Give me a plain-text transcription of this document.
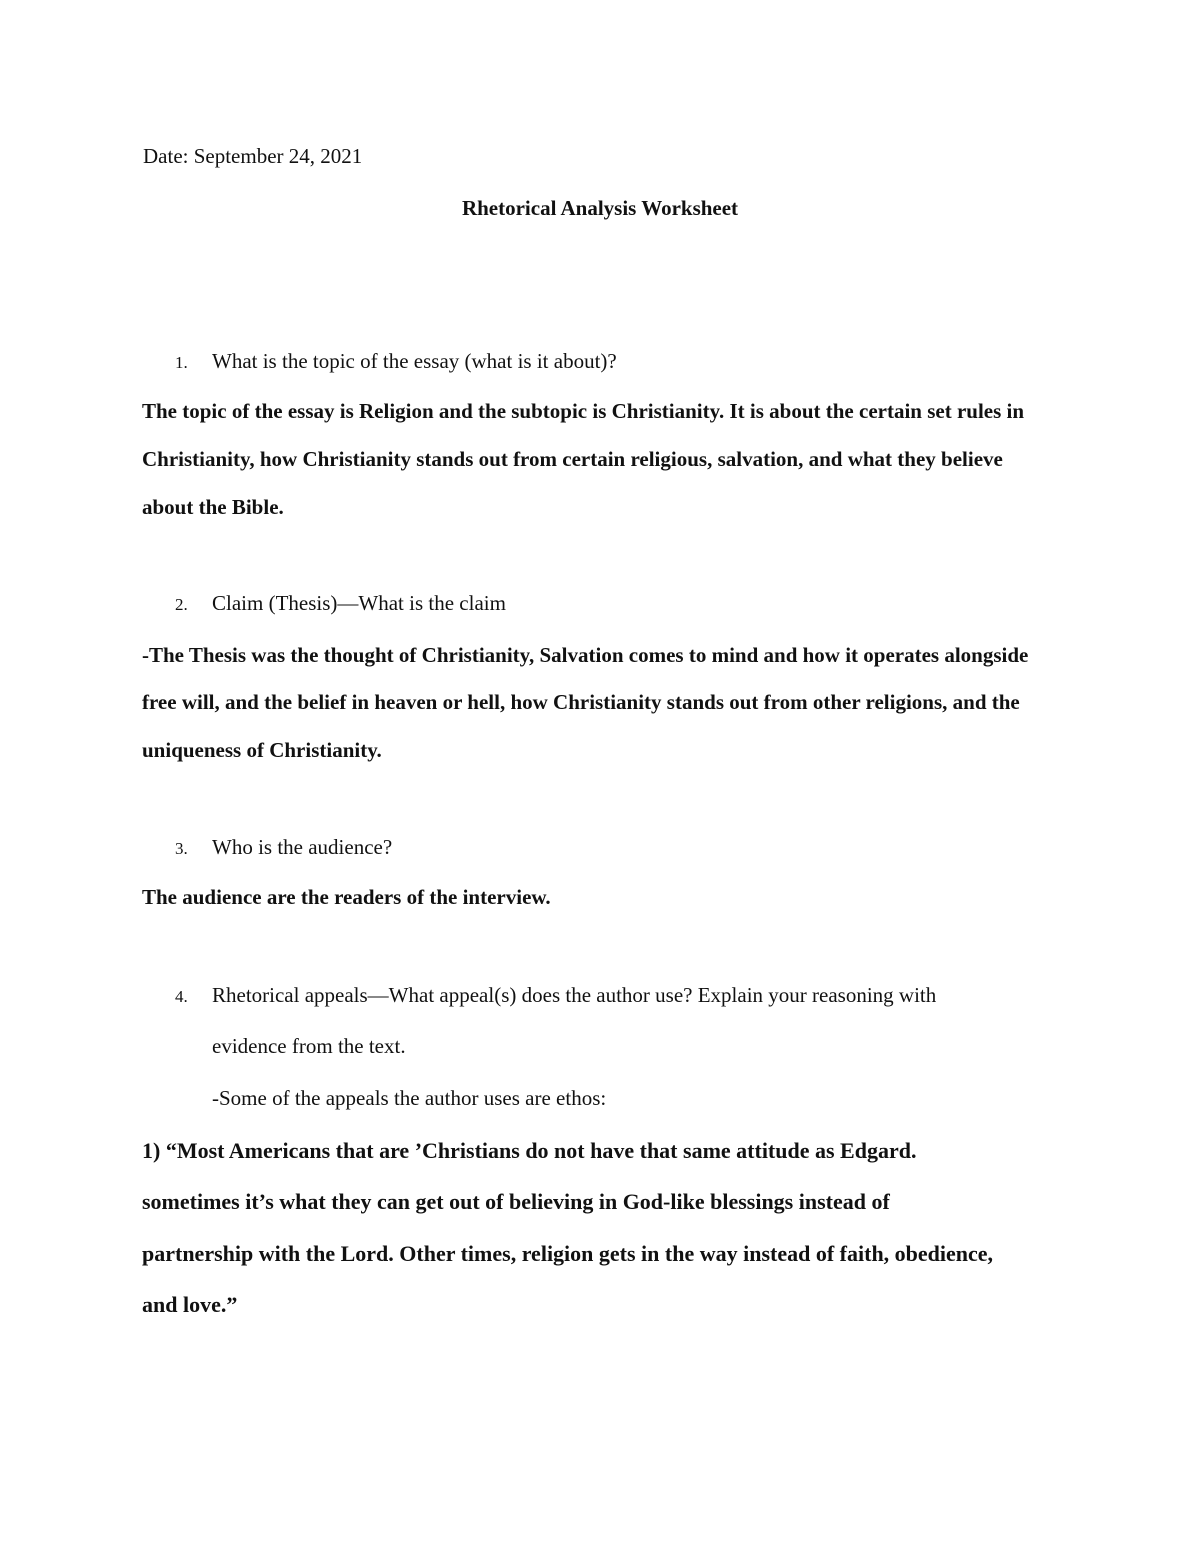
Date: September 24, 2021
Rhetorical Analysis Worksheet
1. What is the topic of the essay (what is it about)?
The topic of the essay is Religion and the subtopic is Christianity. It is about the certain set rules in
Christianity, how Christianity stands out from certain religious, salvation, and what they believe
about the Bible.
2. Claim (Thesis)—What is the claim
-The Thesis was the thought of Christianity, Salvation comes to mind and how it operates alongside
free will, and the belief in heaven or hell, how Christianity stands out from other religions, and the
uniqueness of Christianity.
3. Who is the audience?
The audience are the readers of the interview.
4. Rhetorical appeals—What appeal(s) does the author use? Explain your reasoning with
evidence from the text.
-Some of the appeals the author uses are ethos:
1) “Most Americans that are ’Christians do not have that same attitude as Edgard.
sometimes it’s what they can get out of believing in God-like blessings instead of
partnership with the Lord. Other times, religion gets in the way instead of faith, obedience,
and love.”
